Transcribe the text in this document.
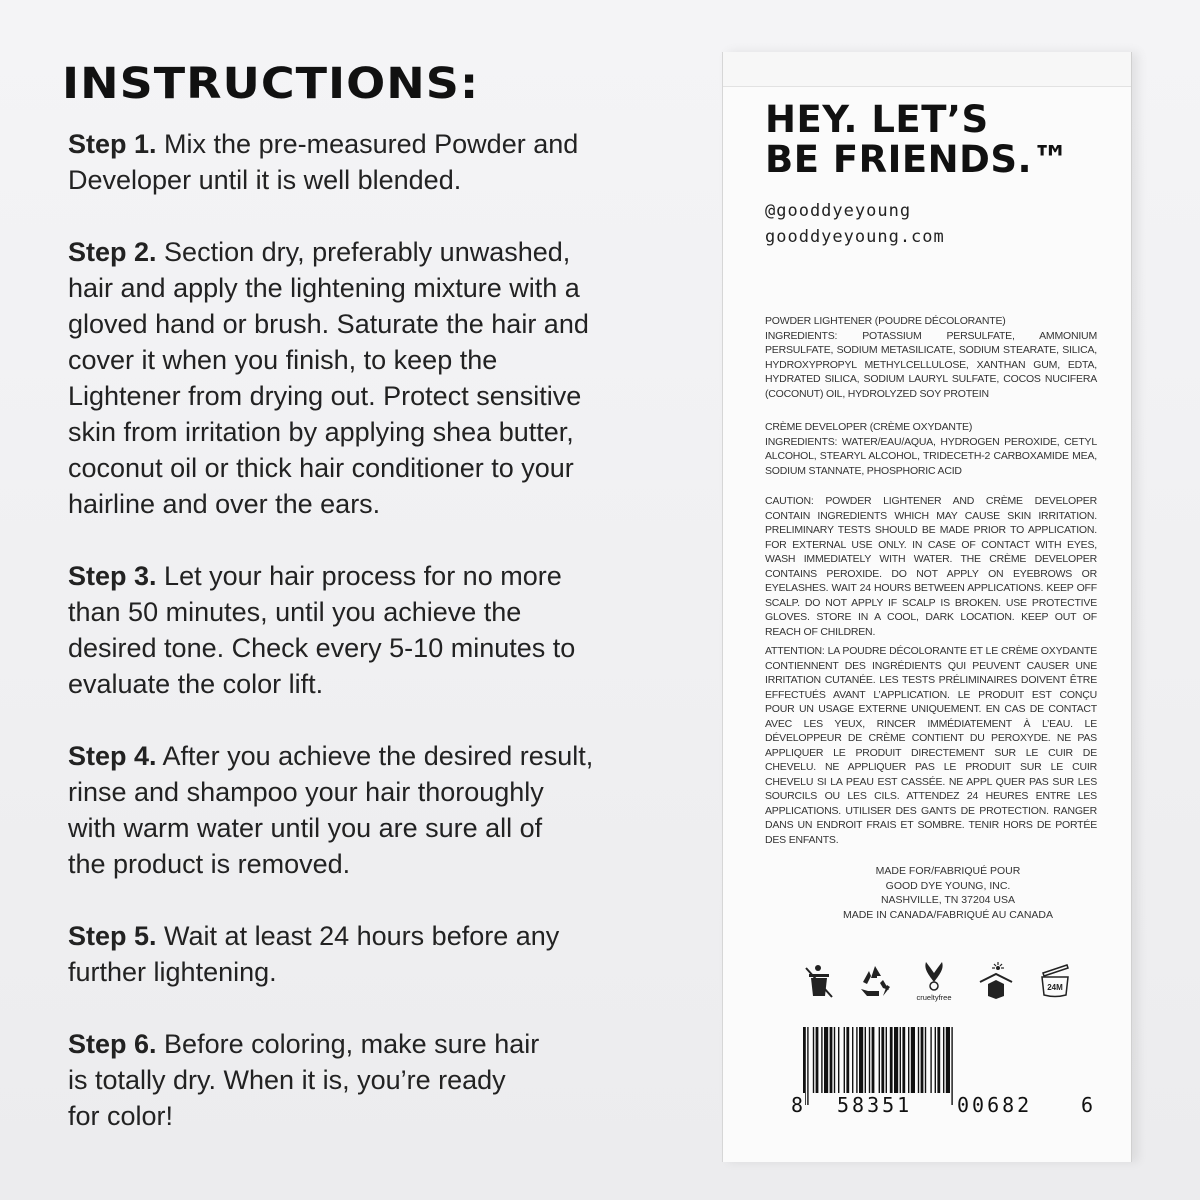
INSTRUCTIONS:
Step 1. Mix the pre-measured Powder and
Developer until it is well blended.
Step 2. Section dry, preferably unwashed,
hair and apply the lightening mixture with a
gloved hand or brush. Saturate the hair and
cover it when you finish, to keep the
Lightener from drying out. Protect sensitive
skin from irritation by applying shea butter,
coconut oil or thick hair conditioner to your
hairline and over the ears.
Step 3. Let your hair process for no more
than 50 minutes, until you achieve the
desired tone. Check every 5-10 minutes to
evaluate the color lift.
Step 4. After you achieve the desired result,
rinse and shampoo your hair thoroughly
with warm water until you are sure all of
the product is removed.
Step 5. Wait at least 24 hours before any
further lightening.
Step 6. Before coloring, make sure hair
is totally dry. When it is, you’re ready
for color!
HEY. LET’S
BE FRIENDS.™
@gooddyeyoung
gooddyeyoung.com
POWDER LIGHTENER (POUDRE DÉCOLORANTE)
INGREDIENTS: POTASSIUM PERSULFATE, AMMONIUM PERSULFATE, SODIUM METASILICATE, SODIUM STEARATE, SILICA, HYDROXYPROPYL METHYLCELLULOSE, XANTHAN GUM, EDTA, HYDRATED SILICA, SODIUM LAURYL SULFATE, COCOS NUCIFERA (COCONUT) OIL, HYDROLYZED SOY PROTEIN
CRÈME DEVELOPER (CRÈME OXYDANTE)
INGREDIENTS: WATER/EAU/AQUA, HYDROGEN PEROXIDE, CETYL ALCOHOL, STEARYL ALCOHOL, TRIDECETH-2 CARBOXAMIDE MEA, SODIUM STANNATE, PHOSPHORIC ACID
CAUTION: POWDER LIGHTENER AND CRÈME DEVELOPER CONTAIN INGREDIENTS WHICH MAY CAUSE SKIN IRRITATION. PRELIMINARY TESTS SHOULD BE MADE PRIOR TO APPLICATION. FOR EXTERNAL USE ONLY. IN CASE OF CONTACT WITH EYES, WASH IMMEDIATELY WITH WATER. THE CRÈME DEVELOPER CONTAINS PEROXIDE. DO NOT APPLY ON EYEBROWS OR EYELASHES. WAIT 24 HOURS BETWEEN APPLICATIONS. KEEP OFF SCALP. DO NOT APPLY IF SCALP IS BROKEN. USE PROTECTIVE GLOVES. STORE IN A COOL, DARK LOCATION. KEEP OUT OF REACH OF CHILDREN.
ATTENTION: LA POUDRE DÉCOLORANTE ET LE CRÈME OXYDANTE CONTIENNENT DES INGRÉDIENTS QUI PEUVENT CAUSER UNE IRRITATION CUTANÉE. LES TESTS PRÉLIMINAIRES DOIVENT ÊTRE EFFECTUÉS AVANT L’APPLICATION. LE PRODUIT EST CONÇU POUR UN USAGE EXTERNE UNIQUEMENT. EN CAS DE CONTACT AVEC LES YEUX, RINCER IMMÉDIATEMENT À L’EAU. LE DÉVELOPPEUR DE CRÈME CONTIENT DU PEROXYDE. NE PAS APPLIQUER LE PRODUIT DIRECTEMENT SUR LE CUIR DE CHEVELU. NE APPLIQUER PAS LE PRODUIT SUR LE CUIR CHEVELU SI LA PEAU EST CASSÉE. NE APPL QUER PAS SUR LES SOURCILS OU LES CILS. ATTENDEZ 24 HEURES ENTRE LES APPLICATIONS. UTILISER DES GANTS DE PROTECTION. RANGER DANS UN ENDROIT FRAIS ET SOMBRE. TENIR HORS DE PORTÉE DES ENFANTS.
MADE FOR/FABRIQUÉ POUR
GOOD DYE YOUNG, INC.
NASHVILLE, TN 37204 USA
MADE IN CANADA/FABRIQUÉ AU CANADA
crueltyfree
24M
8 58351 00682 6
